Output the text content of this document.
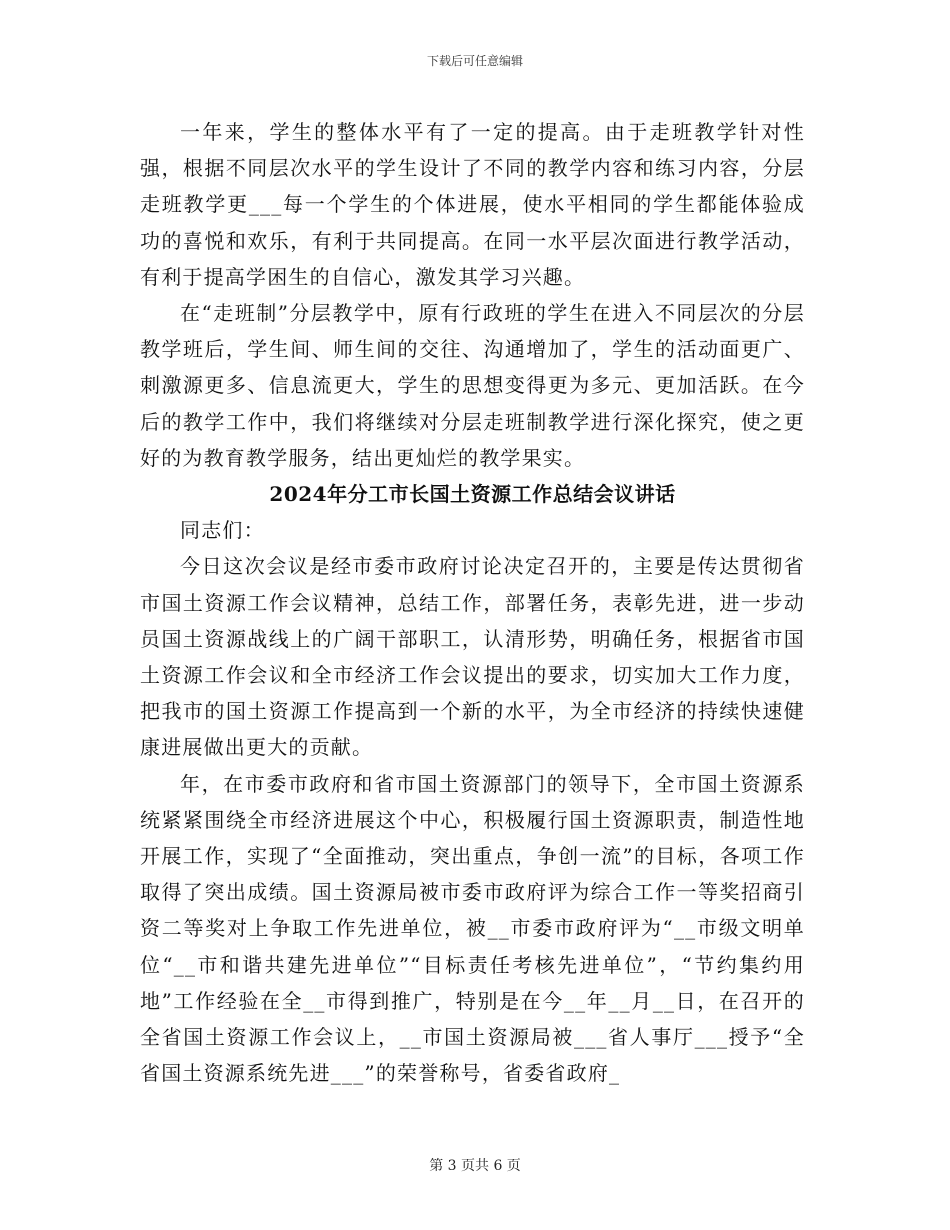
下载后可任意编辑

一年来，学生的整体水平有了一定的提高。由于走班教学针对性强，根据不同层次水平的学生设计了不同的教学内容和练习内容，分层走班教学更___每一个学生的个体进展，使水平相同的学生都能体验成功的喜悦和欢乐，有利于共同提高。在同一水平层次面进行教学活动，有利于提高学困生的自信心，激发其学习兴趣。

在“走班制”分层教学中，原有行政班的学生在进入不同层次的分层教学班后，学生间、师生间的交往、沟通增加了，学生的活动面更广、刺激源更多、信息流更大，学生的思想变得更为多元、更加活跃。在今后的教学工作中，我们将继续对分层走班制教学进行深化探究，使之更好的为教育教学服务，结出更灿烂的教学果实。

2024年分工市长国土资源工作总结会议讲话

同志们：

今日这次会议是经市委市政府讨论决定召开的，主要是传达贯彻省市国土资源工作会议精神，总结工作，部署任务，表彰先进，进一步动员国土资源战线上的广阔干部职工，认清形势，明确任务，根据省市国土资源工作会议和全市经济工作会议提出的要求，切实加大工作力度，把我市的国土资源工作提高到一个新的水平，为全市经济的持续快速健康进展做出更大的贡献。

年，在市委市政府和省市国土资源部门的领导下，全市国土资源系统紧紧围绕全市经济进展这个中心，积极履行国土资源职责，制造性地开展工作，实现了“全面推动，突出重点，争创一流”的目标，各项工作取得了突出成绩。国土资源局被市委市政府评为综合工作一等奖招商引资二等奖对上争取工作先进单位，被__市委市政府评为“__市级文明单位“__市和谐共建先进单位”“目标责任考核先进单位”，“节约集约用地”工作经验在全__市得到推广，特别是在今__年__月__日，在召开的全省国土资源工作会议上，__市国土资源局被___省人事厅___授予“全省国土资源系统先进___”的荣誉称号，省委省政府_

第 3 页共 6 页
